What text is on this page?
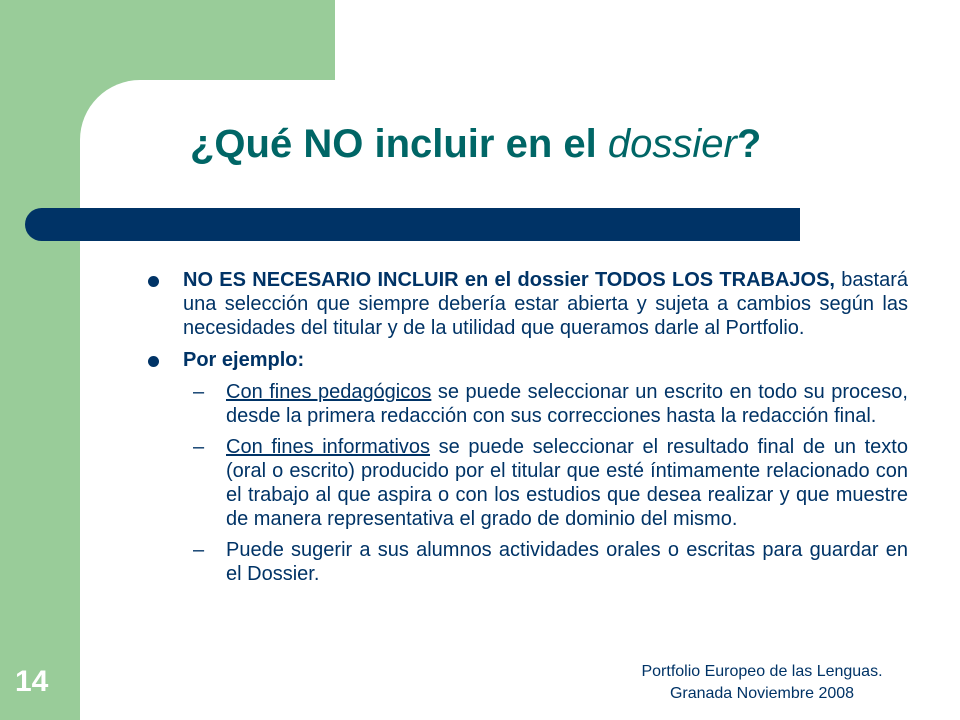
¿Qué NO incluir en el dossier?
NO ES NECESARIO INCLUIR en el dossier TODOS LOS TRABAJOS, bastará una selección que siempre debería estar abierta y sujeta a cambios según las necesidades del titular y de la utilidad que queramos darle al Portfolio.
Por ejemplo:
– Con fines pedagógicos se puede seleccionar un escrito en todo su proceso, desde la primera redacción con sus correcciones hasta la redacción final.
– Con fines informativos se puede seleccionar el resultado final de un texto (oral o escrito) producido por el titular que esté íntimamente relacionado con el trabajo al que aspira o con los estudios que desea realizar y que muestre de manera representativa el grado de dominio del mismo.
– Puede sugerir a sus alumnos actividades orales o escritas para guardar en el Dossier.
14	Portfolio Europeo de las Lenguas.
Granada Noviembre 2008
